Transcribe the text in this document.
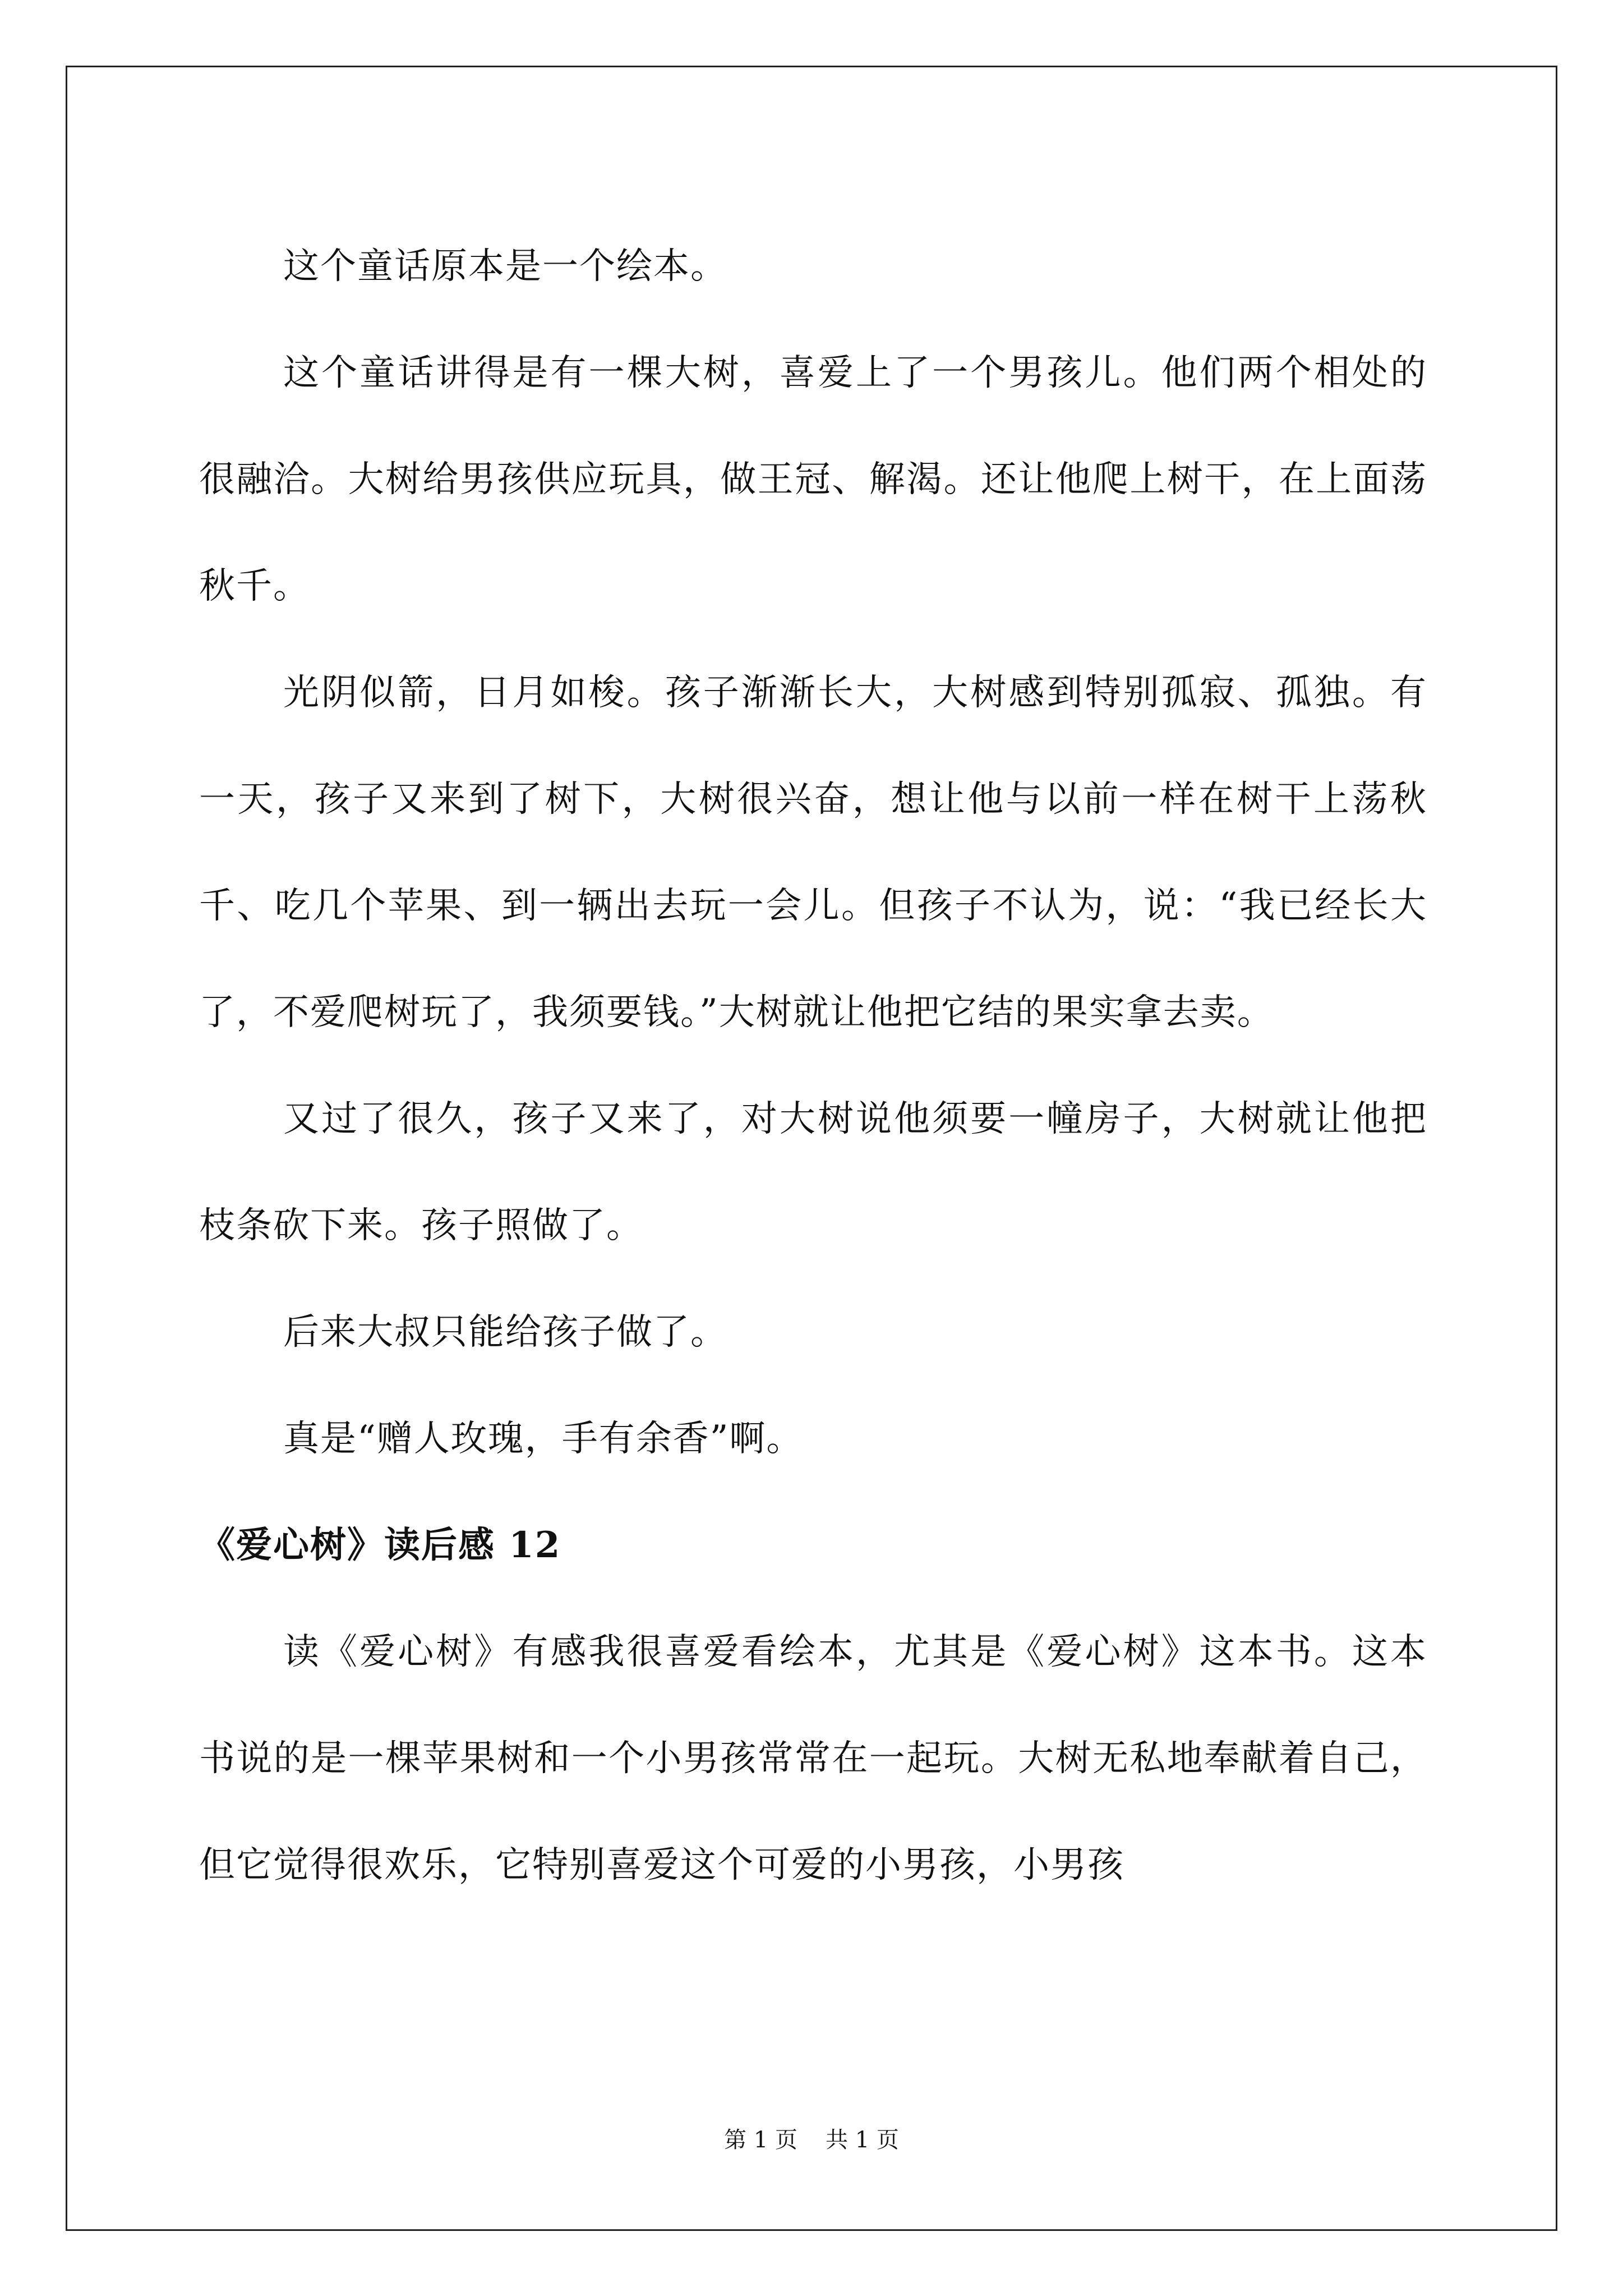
这个童话原本是一个绘本。

这个童话讲得是有一棵大树，喜爱上了一个男孩儿。他们两个相处的很融洽。大树给男孩供应玩具，做王冠、解渴。还让他爬上树干，在上面荡秋千。

光阴似箭，日月如梭。孩子渐渐长大，大树感到特别孤寂、孤独。有一天，孩子又来到了树下，大树很兴奋，想让他与以前一样在树干上荡秋千、吃几个苹果、到一辆出去玩一会儿。但孩子不认为，说：“我已经长大了，不爱爬树玩了，我须要钱。”大树就让他把它结的果实拿去卖。

又过了很久，孩子又来了，对大树说他须要一幢房子，大树就让他把枝条砍下来。孩子照做了。

后来大叔只能给孩子做了。

真是“赠人玫瑰，手有余香”啊。

《爱心树》读后感 12

读《爱心树》有感我很喜爱看绘本，尤其是《爱心树》这本书。这本书说的是一棵苹果树和一个小男孩常常在一起玩。大树无私地奉献着自己，但它觉得很欢乐，它特别喜爱这个可爱的小男孩，小男孩

第 1 页 共 1 页
